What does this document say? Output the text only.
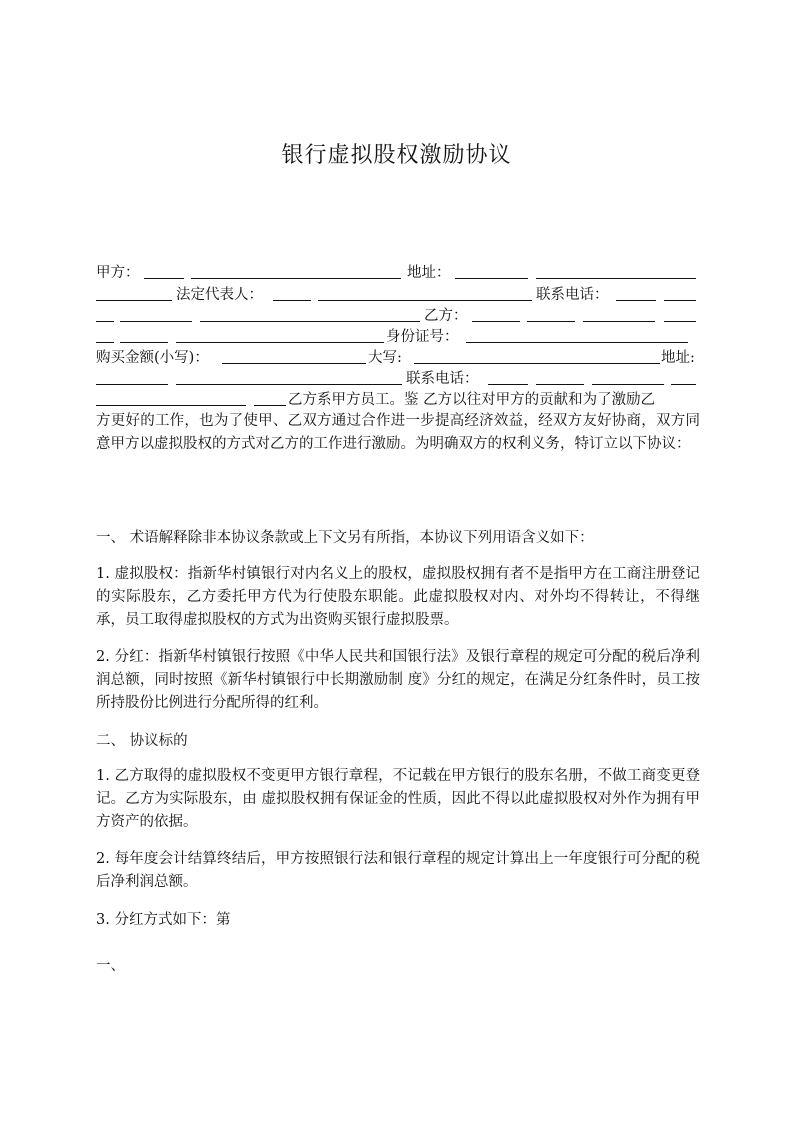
银行虚拟股权激励协议
甲方：	地址：
法定代表人：	联系电话：
乙方：
身份证号：
购买金额(小写)：	大写:	地址:
联系电话：
乙方系甲方员工。鉴 乙方以往对甲方的贡献和为了激励乙
方更好的工作，也为了使甲、乙双方通过合作进一步提高经济效益，经双方友好协商，双方同意甲方以虚拟股权的方式对乙方的工作进行激励。为明确双方的权利义务，特订立以下协议：
一、 术语解释除非本协议条款或上下文另有所指，本协议下列用语含义如下：
1. 虚拟股权：指新华村镇银行对内名义上的股权，虚拟股权拥有者不是指甲方在工商注册登记的实际股东，乙方委托甲方代为行使股东职能。此虚拟股权对内、对外均不得转让，不得继承，员工取得虚拟股权的方式为出资购买银行虚拟股票。
2. 分红：指新华村镇银行按照《中华人民共和国银行法》及银行章程的规定可分配的税后净利润总额，同时按照《新华村镇银行中长期激励制 度》分红的规定，在满足分红条件时，员工按所持股份比例进行分配所得的红利。
二、 协议标的
1. 乙方取得的虚拟股权不变更甲方银行章程，不记载在甲方银行的股东名册，不做工商变更登记。乙方为实际股东，由 虚拟股权拥有保证金的性质，因此不得以此虚拟股权对外作为拥有甲方资产的依据。
2. 每年度会计结算终结后，甲方按照银行法和银行章程的规定计算出上一年度银行可分配的税后净利润总额。
3. 分红方式如下：第
一、
